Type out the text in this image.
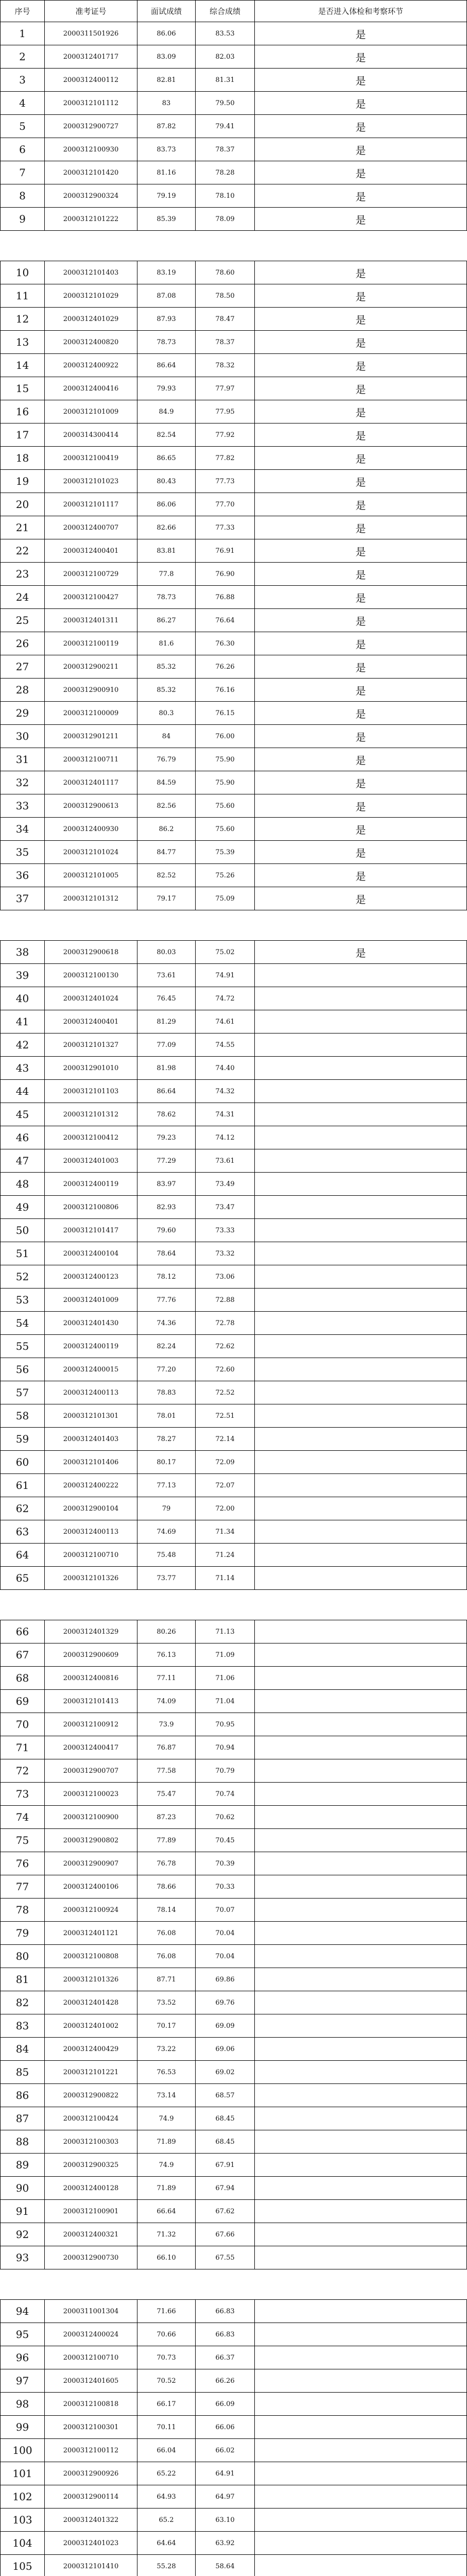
序号	准考证号	面试成绩	综合成绩	是否进入体检和考察环节
1	2000311501926	86.06	83.53	是
2	2000312401717	83.09	82.03	是
3	2000312400112	82.81	81.31	是
4	2000312101112	83	79.50	是
5	2000312900727	87.82	79.41	是
6	2000312100930	83.73	78.37	是
7	2000312101420	81.16	78.28	是
8	2000312900324	79.19	78.10	是
9	2000312101222	85.39	78.09	是

10	2000312101403	83.19	78.60	是
11	2000312101029	87.08	78.50	是
12	2000312401029	87.93	78.47	是
13	2000312400820	78.73	78.37	是
14	2000312400922	86.64	78.32	是
15	2000312400416	79.93	77.97	是
16	2000312101009	84.9	77.95	是
17	2000314300414	82.54	77.92	是
18	2000312100419	86.65	77.82	是
19	2000312101023	80.43	77.73	是
20	2000312101117	86.06	77.70	是
21	2000312400707	82.66	77.33	是
22	2000312400401	83.81	76.91	是
23	2000312100729	77.8	76.90	是
24	2000312100427	78.73	76.88	是
25	2000312401311	86.27	76.64	是
26	2000312100119	81.6	76.30	是
27	2000312900211	85.32	76.26	是
28	2000312900910	85.32	76.16	是
29	2000312100009	80.3	76.15	是
30	2000312901211	84	76.00	是
31	2000312100711	76.79	75.90	是
32	2000312401117	84.59	75.90	是
33	2000312900613	82.56	75.60	是
34	2000312400930	86.2	75.60	是
35	2000312101024	84.77	75.39	是
36	2000312101005	82.52	75.26	是
37	2000312101312	79.17	75.09	是

38	2000312900618	80.03	75.02	是
39	2000312100130	73.61	74.91	
40	2000312401024	76.45	74.72	
41	2000312400401	81.29	74.61	
42	2000312101327	77.09	74.55	
43	2000312901010	81.98	74.40	
44	2000312101103	86.64	74.32	
45	2000312101312	78.62	74.31	
46	2000312100412	79.23	74.12	
47	2000312401003	77.29	73.61	
48	2000312400119	83.97	73.49	
49	2000312100806	82.93	73.47	
50	2000312101417	79.60	73.33	
51	2000312400104	78.64	73.32	
52	2000312400123	78.12	73.06	
53	2000312401009	77.76	72.88	
54	2000312401430	74.36	72.78	
55	2000312400119	82.24	72.62	
56	2000312400015	77.20	72.60	
57	2000312400113	78.83	72.52	
58	2000312101301	78.01	72.51	
59	2000312401403	78.27	72.14	
60	2000312101406	80.17	72.09	
61	2000312400222	77.13	72.07	
62	2000312900104	79	72.00	
63	2000312400113	74.69	71.34	
64	2000312100710	75.48	71.24	
65	2000312101326	73.77	71.14	

66	2000312401329	80.26	71.13	
67	2000312900609	76.13	71.09	
68	2000312400816	77.11	71.06	
69	2000312101413	74.09	71.04	
70	2000312100912	73.9	70.95	
71	2000312400417	76.87	70.94	
72	2000312900707	77.58	70.79	
73	2000312100023	75.47	70.74	
74	2000312100900	87.23	70.62	
75	2000312900802	77.89	70.45	
76	2000312900907	76.78	70.39	
77	2000312400106	78.66	70.33	
78	2000312100924	78.14	70.07	
79	2000312401121	76.08	70.04	
80	2000312100808	76.08	70.04	
81	2000312101326	87.71	69.86	
82	2000312401428	73.52	69.76	
83	2000312401002	70.17	69.09	
84	2000312400429	73.22	69.06	
85	2000312101221	76.53	69.02	
86	2000312900822	73.14	68.57	
87	2000312100424	74.9	68.45	
88	2000312100303	71.89	68.45	
89	2000312900325	74.9	67.91	
90	2000312400128	71.89	67.94	
91	2000312100901	66.64	67.62	
92	2000312400321	71.32	67.66	
93	2000312900730	66.10	67.55	

94	2000311001304	71.66	66.83	
95	2000312400024	70.66	66.83	
96	2000312100710	70.73	66.37	
97	2000312401605	70.52	66.26	
98	2000312100818	66.17	66.09	
99	2000312100301	70.11	66.06	
100	2000312100112	66.04	66.02	
101	2000312900926	65.22	64.91	
102	2000312900114	64.93	64.97	
103	2000312401322	65.2	63.10	
104	2000312401023	64.64	63.92	
105	2000312101410	55.28	58.64	
